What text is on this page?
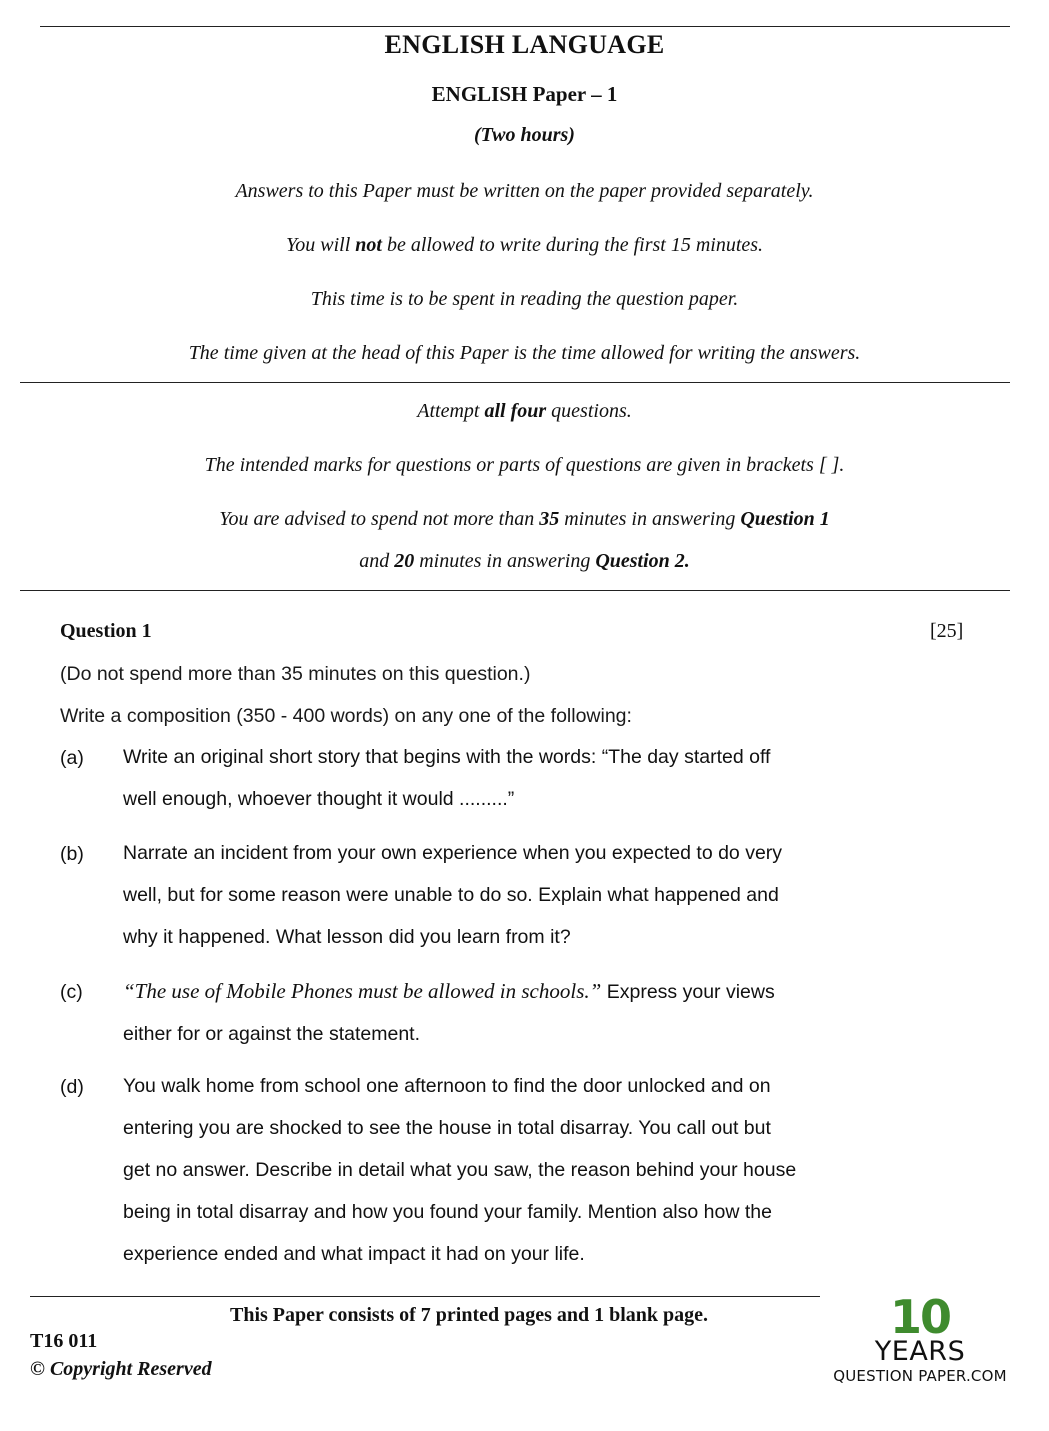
ENGLISH LANGUAGE
ENGLISH Paper – 1
(Two hours)
Answers to this Paper must be written on the paper provided separately.
You will not be allowed to write during the first 15 minutes.
This time is to be spent in reading the question paper.
The time given at the head of this Paper is the time allowed for writing the answers.
Attempt all four questions.
The intended marks for questions or parts of questions are given in brackets [ ].
You are advised to spend not more than 35 minutes in answering Question 1
and 20 minutes in answering Question 2.
Question 1	[25]
(Do not spend more than 35 minutes on this question.)
Write a composition (350 - 400 words) on any one of the following:
(a) Write an original short story that begins with the words: “The day started off
well enough, whoever thought it would .........”
(b) Narrate an incident from your own experience when you expected to do very
well, but for some reason were unable to do so. Explain what happened and
why it happened. What lesson did you learn from it?
(c) “The use of Mobile Phones must be allowed in schools.” Express your views
either for or against the statement.
(d) You walk home from school one afternoon to find the door unlocked and on
entering you are shocked to see the house in total disarray. You call out but
get no answer. Describe in detail what you saw, the reason behind your house
being in total disarray and how you found your family. Mention also how the
experience ended and what impact it had on your life.
This Paper consists of 7 printed pages and 1 blank page.
T16 011
© Copyright Reserved
10
YEARS
QUESTION PAPER.COM
